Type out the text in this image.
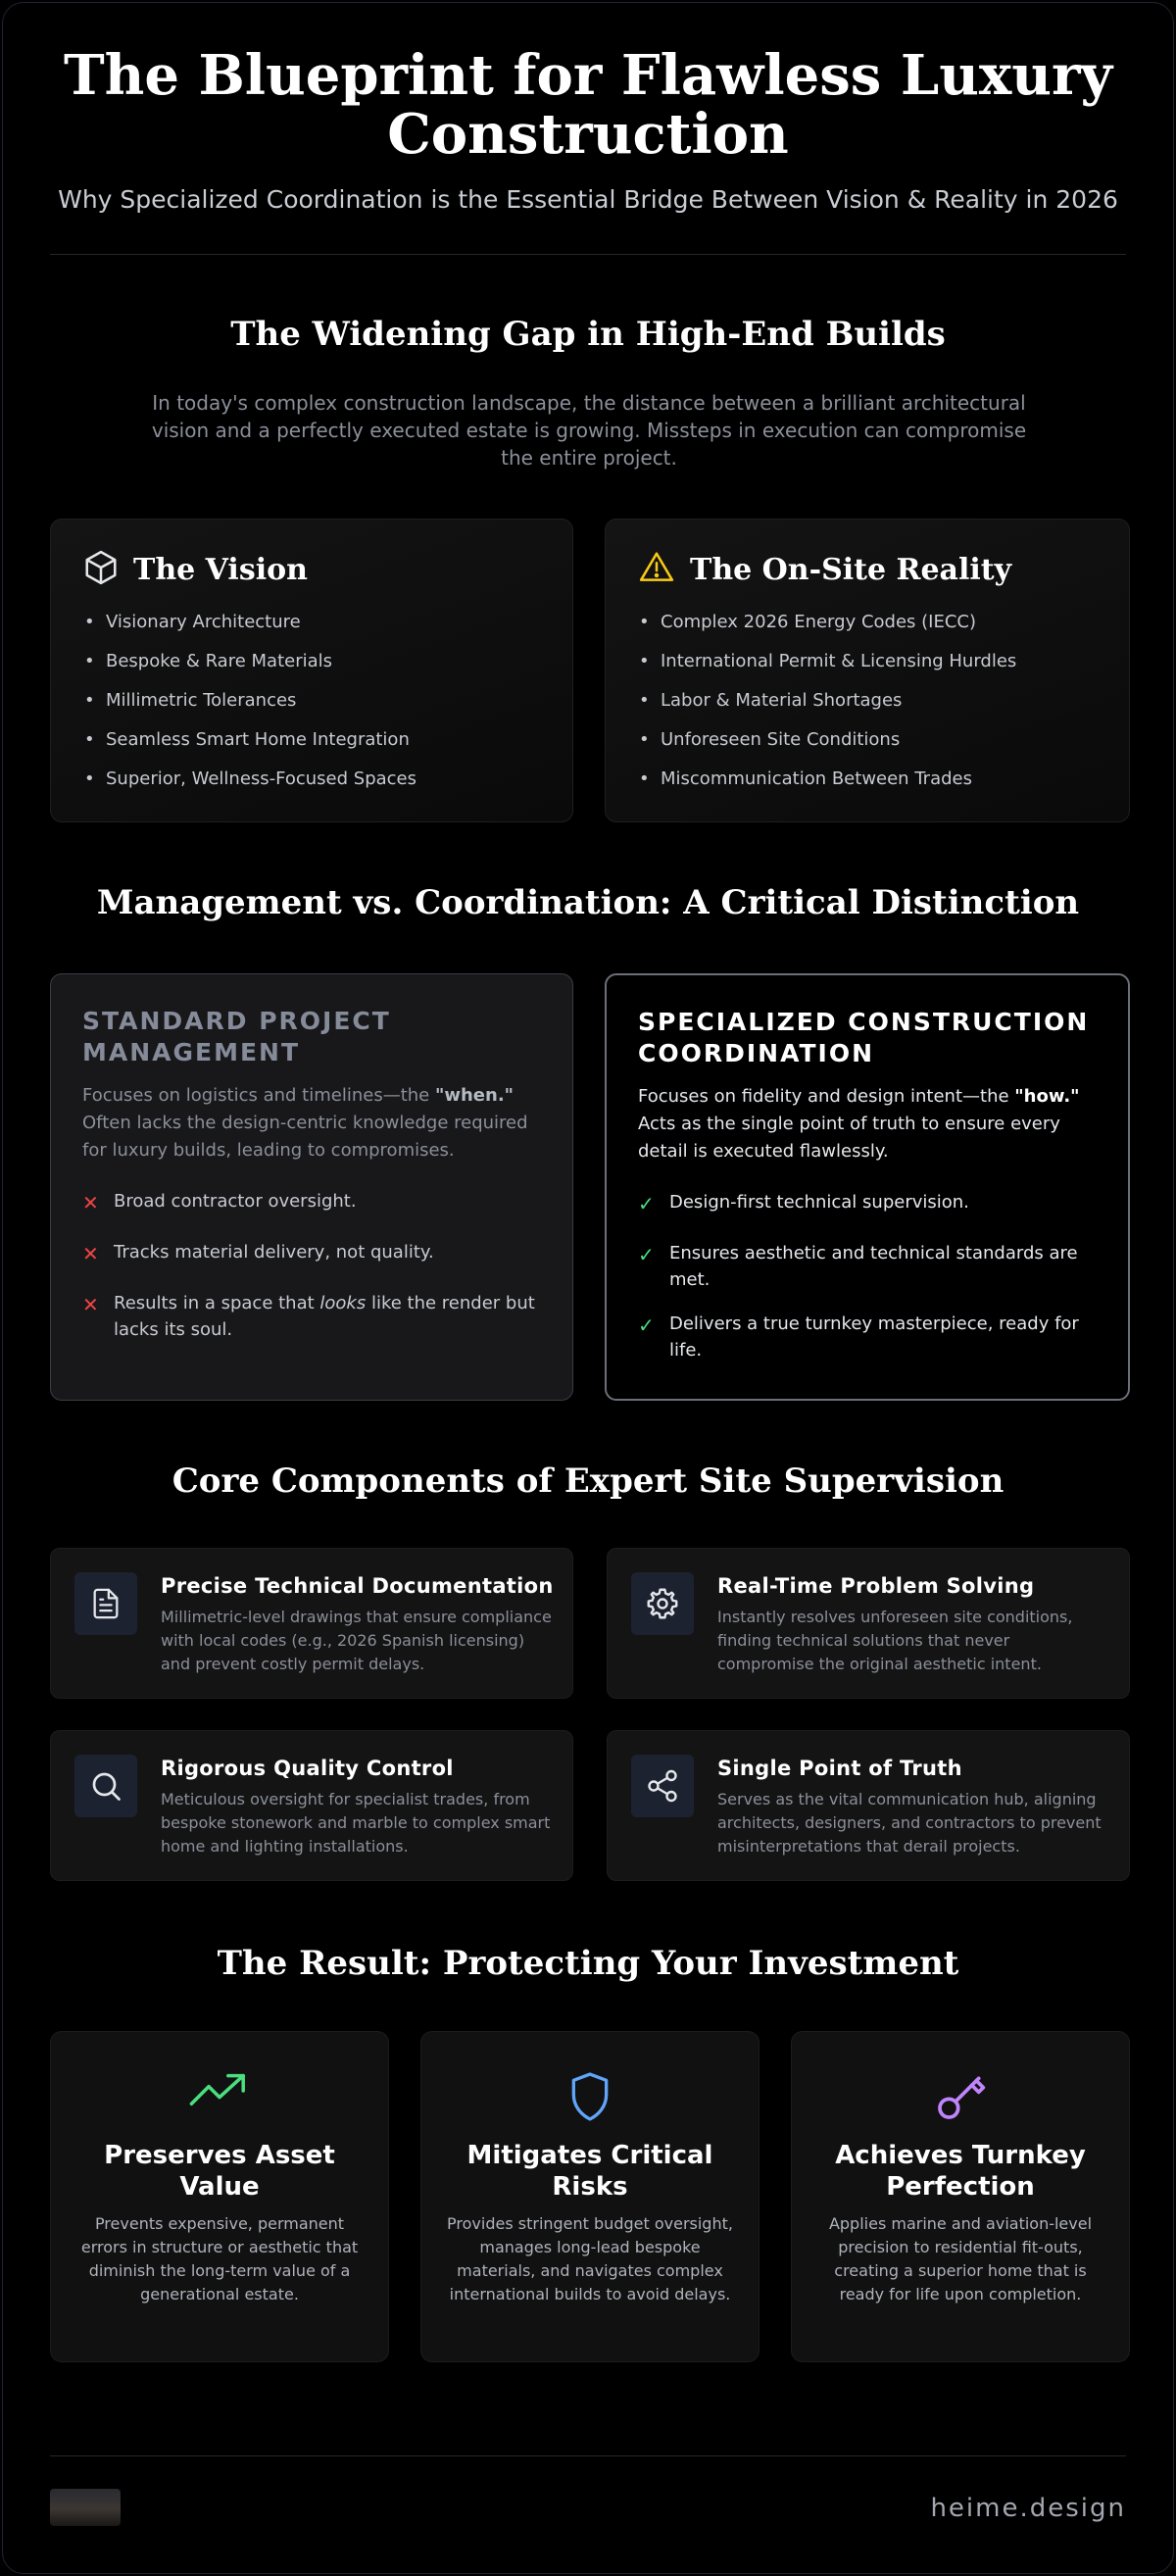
The Blueprint for Flawless Luxury Construction

Why Specialized Coordination is the Essential Bridge Between Vision & Reality in 2026

The Widening Gap in High-End Builds

In today's complex construction landscape, the distance between a brilliant architectural vision and a perfectly executed estate is growing. Missteps in execution can compromise the entire project.

The Vision
• Visionary Architecture
• Bespoke & Rare Materials
• Millimetric Tolerances
• Seamless Smart Home Integration
• Superior, Wellness-Focused Spaces
The On-Site Reality
• Complex 2026 Energy Codes (IECC)
• International Permit & Licensing Hurdles
• Labor & Material Shortages
• Unforeseen Site Conditions
• Miscommunication Between Trades
Management vs. Coordination: A Critical Distinction
STANDARD PROJECT MANAGEMENT

Focuses on logistics and timelines—the "when." Often lacks the design-centric knowledge required for luxury builds, leading to compromises.

✕ Broad contractor oversight.
✕ Tracks material delivery, not quality.
✕ Results in a space that looks like the render but lacks its soul.
SPECIALIZED CONSTRUCTION COORDINATION

Focuses on fidelity and design intent—the "how." Acts as the single point of truth to ensure every detail is executed flawlessly.

✓ Design-first technical supervision.
✓ Ensures aesthetic and technical standards are met.
✓ Delivers a true turnkey masterpiece, ready for life.
Core Components of Expert Site Supervision
Precise Technical Documentation
Millimetric-level drawings that ensure compliance with local codes (e.g., 2026 Spanish licensing) and prevent costly permit delays.
Real-Time Problem Solving
Instantly resolves unforeseen site conditions, finding technical solutions that never compromise the original aesthetic intent.
Rigorous Quality Control
Meticulous oversight for specialist trades, from bespoke stonework and marble to complex smart home and lighting installations.
Single Point of Truth
Serves as the vital communication hub, aligning architects, designers, and contractors to prevent misinterpretations that derail projects.
The Result: Protecting Your Investment
Preserves Asset Value
Prevents expensive, permanent errors in structure or aesthetic that diminish the long-term value of a generational estate.
Mitigates Critical Risks
Provides stringent budget oversight, manages long-lead bespoke materials, and navigates complex international builds to avoid delays.
Achieves Turnkey Perfection
Applies marine and aviation-level precision to residential fit-outs, creating a superior home that is ready for life upon completion.
heime.design
